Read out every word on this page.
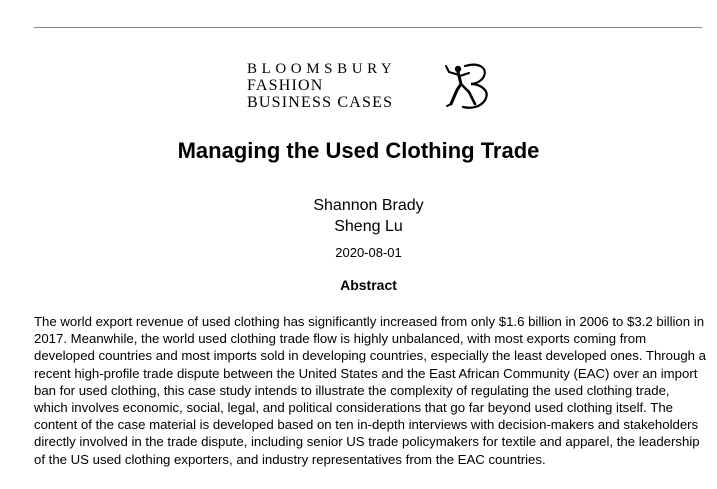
BLOOMSBURY
FASHION
BUSINESS CASES
Managing the Used Clothing Trade
Shannon Brady
Sheng Lu
2020-08-01
Abstract
The world export revenue of used clothing has significantly increased from only $1.6 billion in 2006 to $3.2 billion in 2017. Meanwhile, the world used clothing trade flow is highly unbalanced, with most exports coming from developed countries and most imports sold in developing countries, especially the least developed ones. Through a recent high-profile trade dispute between the United States and the East African Community (EAC) over an import ban for used clothing, this case study intends to illustrate the complexity of regulating the used clothing trade, which involves economic, social, legal, and political considerations that go far beyond used clothing itself. The content of the case material is developed based on ten in-depth interviews with decision-makers and stakeholders directly involved in the trade dispute, including senior US trade policymakers for textile and apparel, the leadership of the US used clothing exporters, and industry representatives from the EAC countries.
